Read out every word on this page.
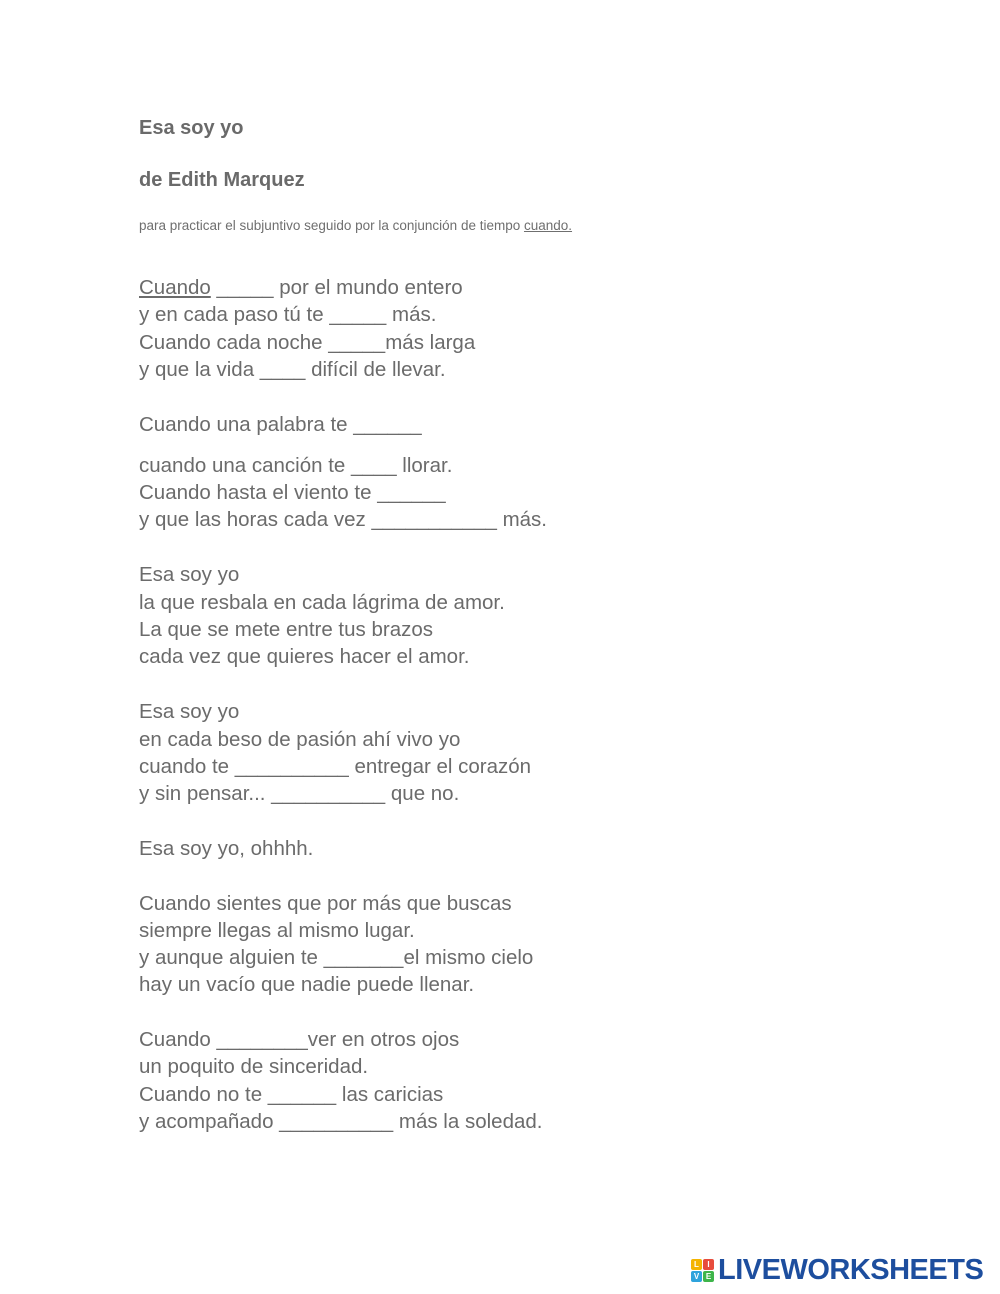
Esa soy yo
de Edith Marquez
para practicar el subjuntivo seguido por la conjunción de tiempo cuando.
Cuando _____ por el mundo entero
y en cada paso tú te _____ más.
Cuando cada noche _____más larga
y que la vida ____ difícil de llevar.
Cuando una palabra te ______
cuando una canción te ____ llorar.
Cuando hasta el viento te ______
y que las horas cada vez ___________ más.
Esa soy yo
la que resbala en cada lágrima de amor.
La que se mete entre tus brazos
cada vez que quieres hacer el amor.
Esa soy yo
en cada beso de pasión ahí vivo yo
cuando te __________ entregar el corazón
y sin pensar... __________ que no.
Esa soy yo, ohhhh.
Cuando sientes que por más que buscas
siempre llegas al mismo lugar.
y aunque alguien te _______el mismo cielo
hay un vacío que nadie puede llenar.
Cuando ________ver en otros ojos
un poquito de sinceridad.
Cuando no te ______ las caricias
y acompañado __________ más la soledad.
L	I
V E LIVEWORKSHEETS
